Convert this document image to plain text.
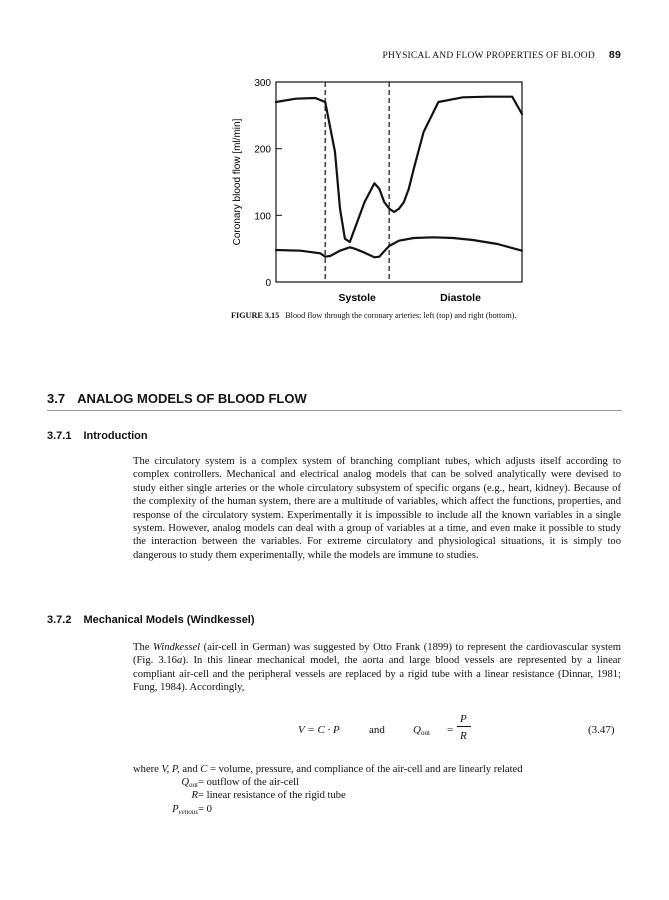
PHYSICAL AND FLOW PROPERTIES OF BLOOD 89
0
100
200
300
Coronary blood flow [ml/min]
Systole	Diastole
FIGURE 3.15 Blood flow through the coronary arteries: left (top) and right (bottom).
3.7 ANALOG MODELS OF BLOOD FLOW
3.7.1 Introduction
The circulatory system is a complex system of branching compliant tubes, which adjusts itself according to complex controllers. Mechanical and electrical analog models that can be solved analytically were devised to study either single arteries or the whole circulatory subsystem of specific organs (e.g., heart, kidney). Because of the complexity of the human system, there are a multitude of variables, which affect the functions, properties, and response of the circulatory system. Experimentally it is impossible to include all the known variables in a single system. However, analog models can deal with a group of variables at a time, and even make it possible to study the interaction between the variables. For extreme circulatory and physiological situations, it is simply too dangerous to study them experimentally, while the models are immune to studies.
3.7.2 Mechanical Models (Windkessel)
The Windkessel (air-cell in German) was suggested by Otto Frank (1899) to represent the cardiovascular system (Fig. 3.16a). In this linear mechanical model, the aorta and large blood vessels are represented by a linear compliant air-cell and the peripheral vessels are replaced by a rigid tube with a linear resistance (Dinnar, 1981; Fung, 1984). Accordingly,
V = C · P	and	$Q_{out}$ =
P
R	(3.47)
where V, P, and C = volume, pressure, and compliance of the air-cell and are linearly related
$Q_{out}$ = outflow of the air-cell
R = linear resistance of the rigid tube
$P_{venous} = 0$
